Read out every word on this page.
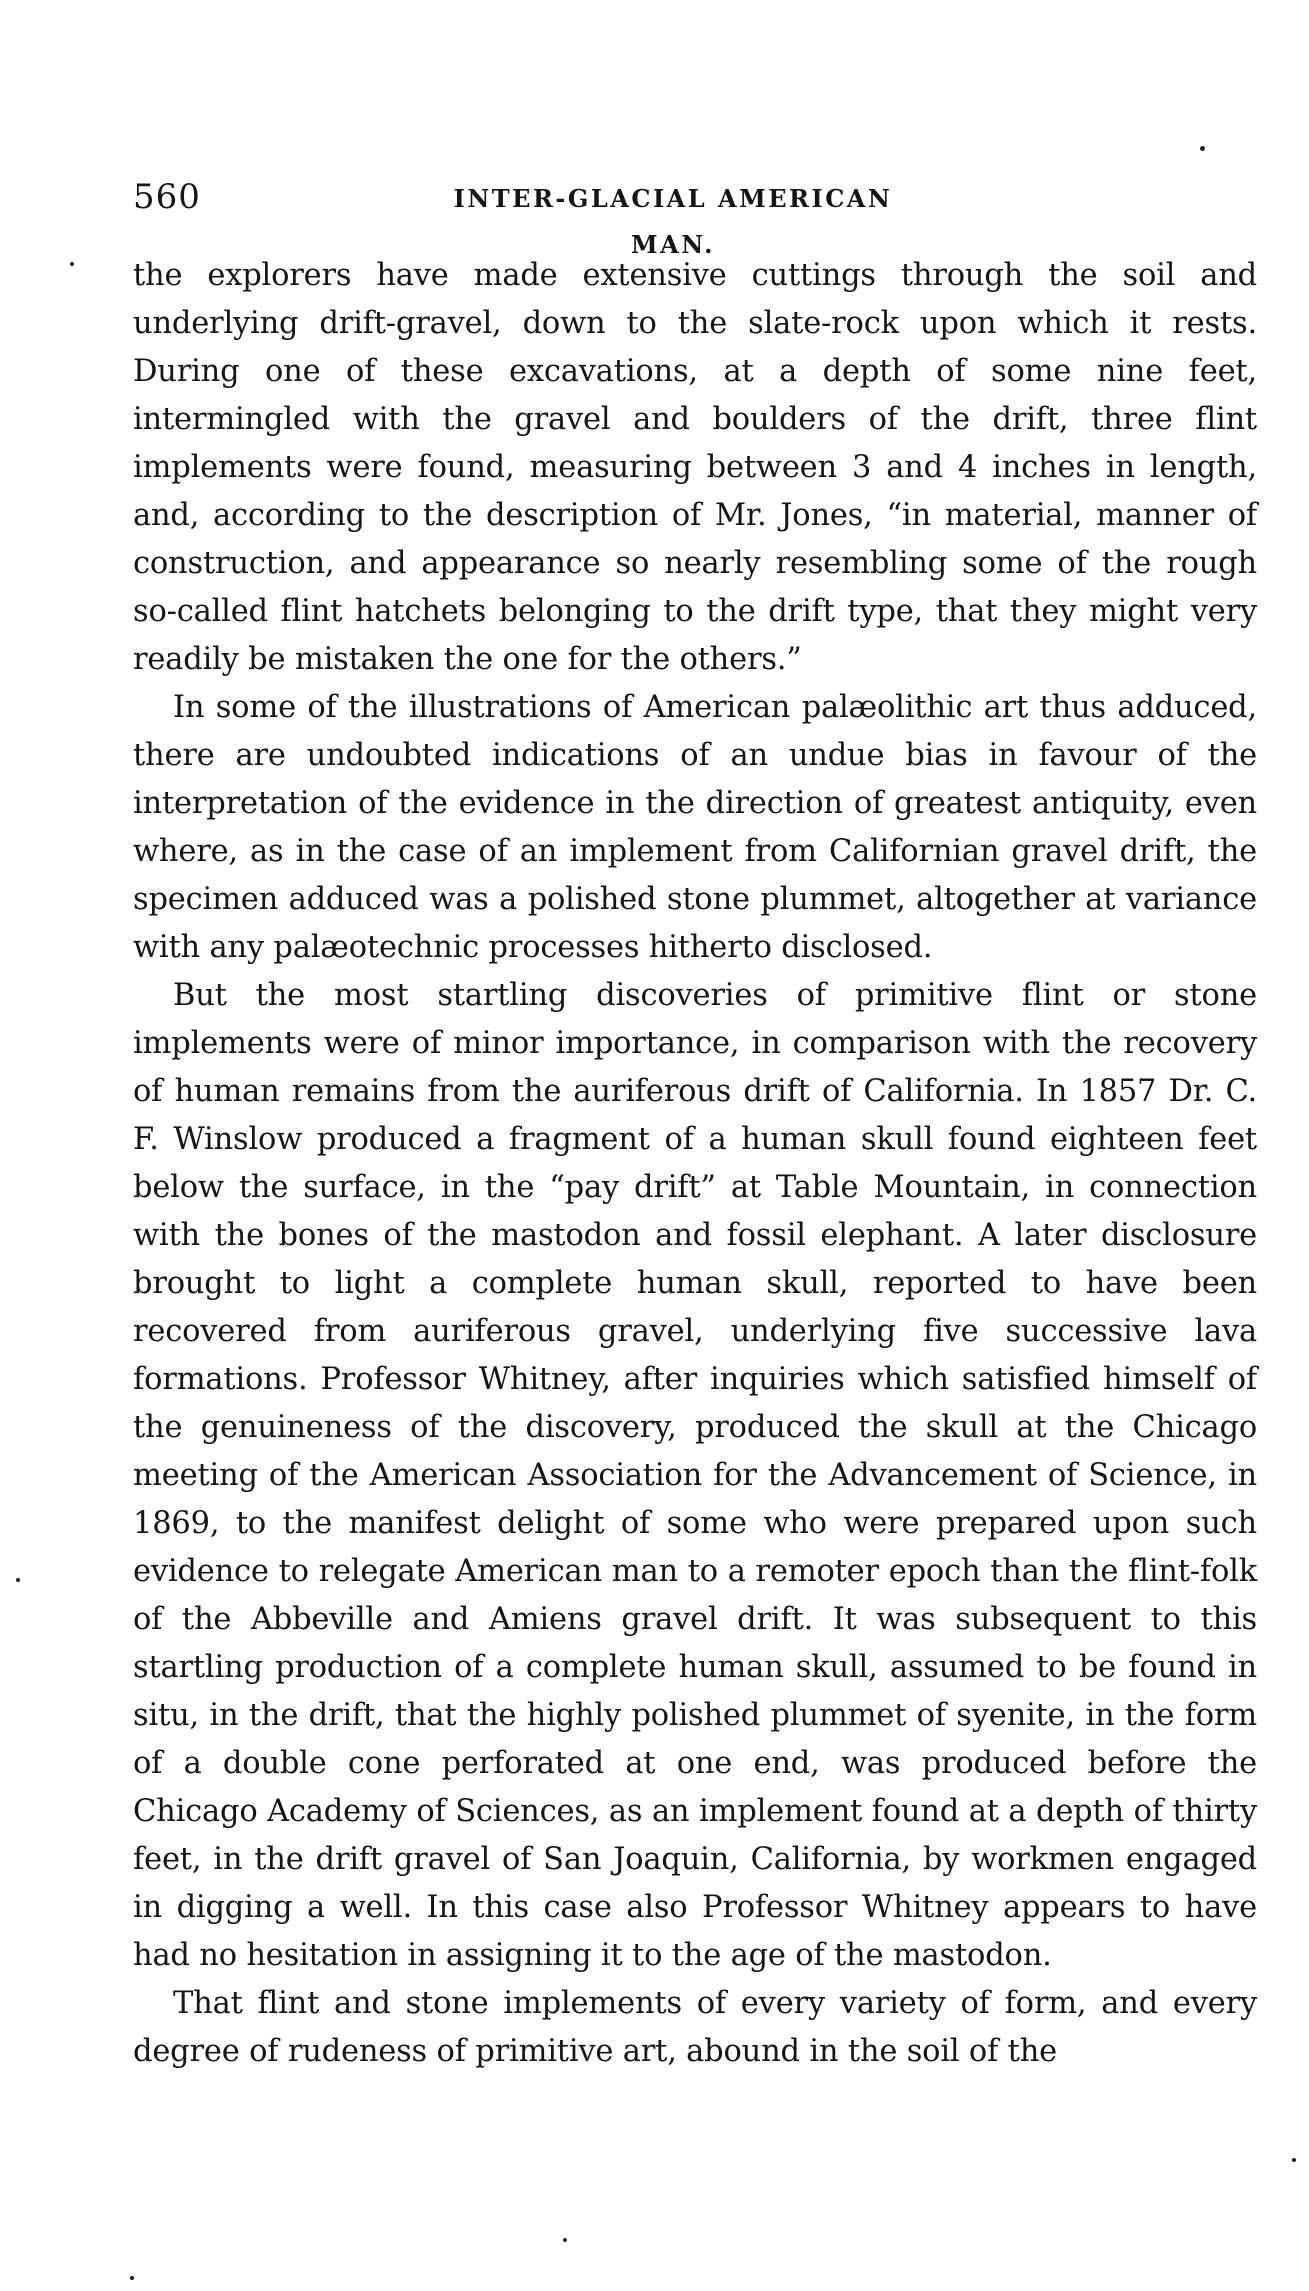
560	INTER-GLACIAL AMERICAN MAN.

the explorers have made extensive cuttings through the soil and underlying drift-gravel, down to the slate-rock upon which it rests. During one of these excavations, at a depth of some nine feet, intermingled with the gravel and boulders of the drift, three flint implements were found, measuring between 3 and 4 inches in length, and, according to the description of Mr. Jones, “in material, manner of construction, and appearance so nearly resembling some of the rough so-called flint hatchets belonging to the drift type, that they might very readily be mistaken the one for the others.”

In some of the illustrations of American palæolithic art thus adduced, there are undoubted indications of an undue bias in favour of the interpretation of the evidence in the direction of greatest antiquity, even where, as in the case of an implement from Californian gravel drift, the specimen adduced was a polished stone plummet, altogether at variance with any palæotechnic processes hitherto disclosed.

But the most startling discoveries of primitive flint or stone implements were of minor importance, in comparison with the recovery of human remains from the auriferous drift of California. In 1857 Dr. C. F. Winslow produced a fragment of a human skull found eighteen feet below the surface, in the “pay drift” at Table Mountain, in connection with the bones of the mastodon and fossil elephant. A later disclosure brought to light a complete human skull, reported to have been recovered from auriferous gravel, underlying five successive lava formations. Professor Whitney, after inquiries which satisfied himself of the genuineness of the discovery, produced the skull at the Chicago meeting of the American Association for the Advancement of Science, in 1869, to the manifest delight of some who were prepared upon such evidence to relegate American man to a remoter epoch than the flint-folk of the Abbeville and Amiens gravel drift. It was subsequent to this startling production of a complete human skull, assumed to be found in situ, in the drift, that the highly polished plummet of syenite, in the form of a double cone perforated at one end, was produced before the Chicago Academy of Sciences, as an implement found at a depth of thirty feet, in the drift gravel of San Joaquin, California, by workmen engaged in digging a well. In this case also Professor Whitney appears to have had no hesitation in assigning it to the age of the mastodon.

That flint and stone implements of every variety of form, and every degree of rudeness of primitive art, abound in the soil of the
